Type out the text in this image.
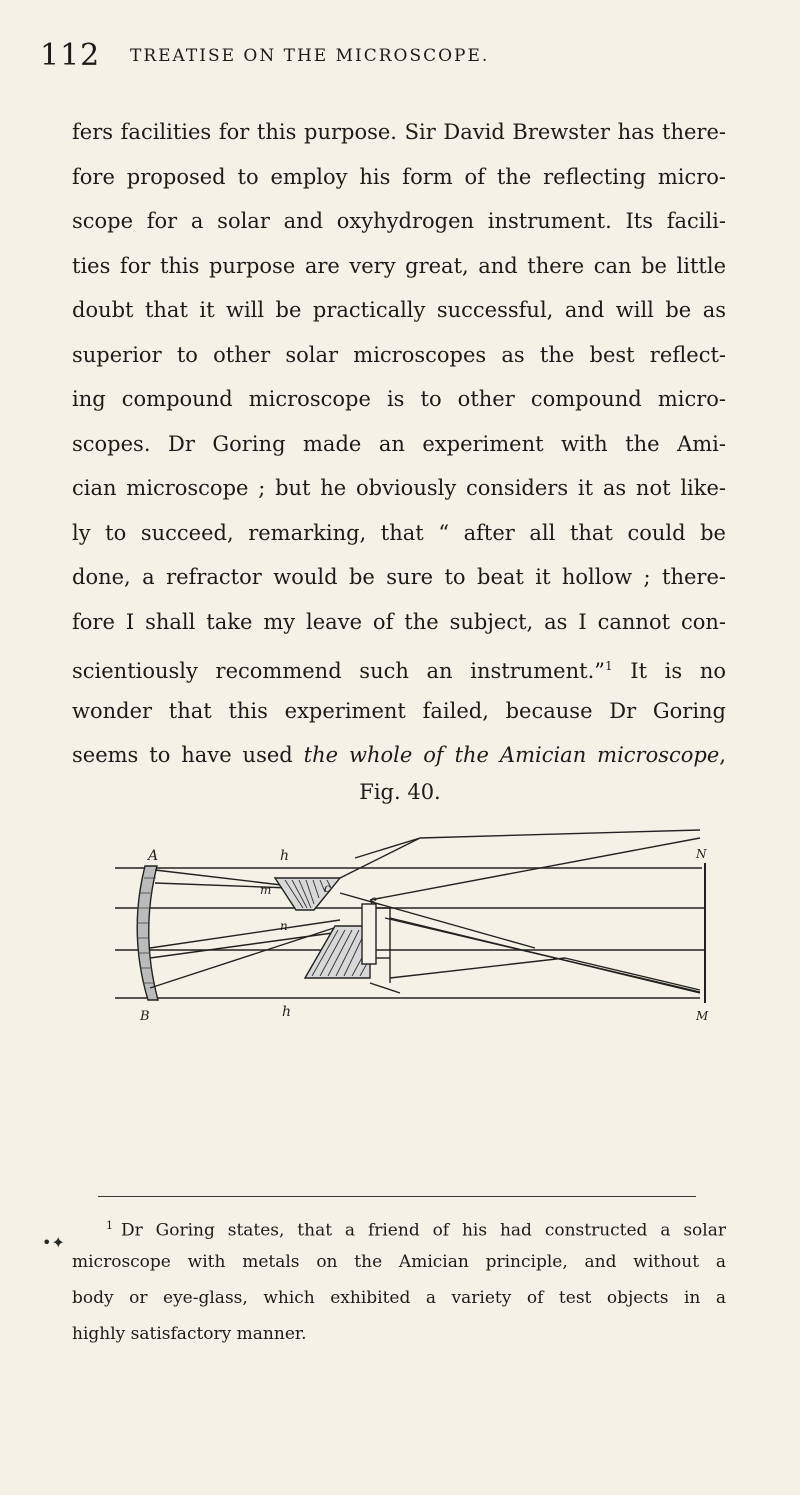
112 TREATISE ON THE MICROSCOPE.
fers facilities for this purpose. Sir David Brewster has there-
fore proposed to employ his form of the reflecting micro-
scope for a solar and oxyhydrogen instrument. Its facili-
ties for this purpose are very great, and there can be little
doubt that it will be practically successful, and will be as
superior to other solar microscopes as the best reflect-
ing compound microscope is to other compound micro-
scopes. Dr Goring made an experiment with the Ami-
cian microscope ; but he obviously considers it as not like-
ly to succeed, remarking, that “ after all that could be
done, a refractor would be sure to beat it hollow ; there-
fore I shall take my leave of the subject, as I cannot con-
scientiously recommend such an instrument.”$^1$ It is no
wonder that this experiment failed, because Dr Goring
seems to have used the whole of the Amician microscope,
Fig. 40.
A
B
h
m	c
e
n
h
N
M
•✦
$^1$ Dr Goring states, that a friend of his had constructed a solar
microscope with metals on the Amician principle, and without a
body or eye-glass, which exhibited a variety of test objects in a
highly satisfactory manner.
